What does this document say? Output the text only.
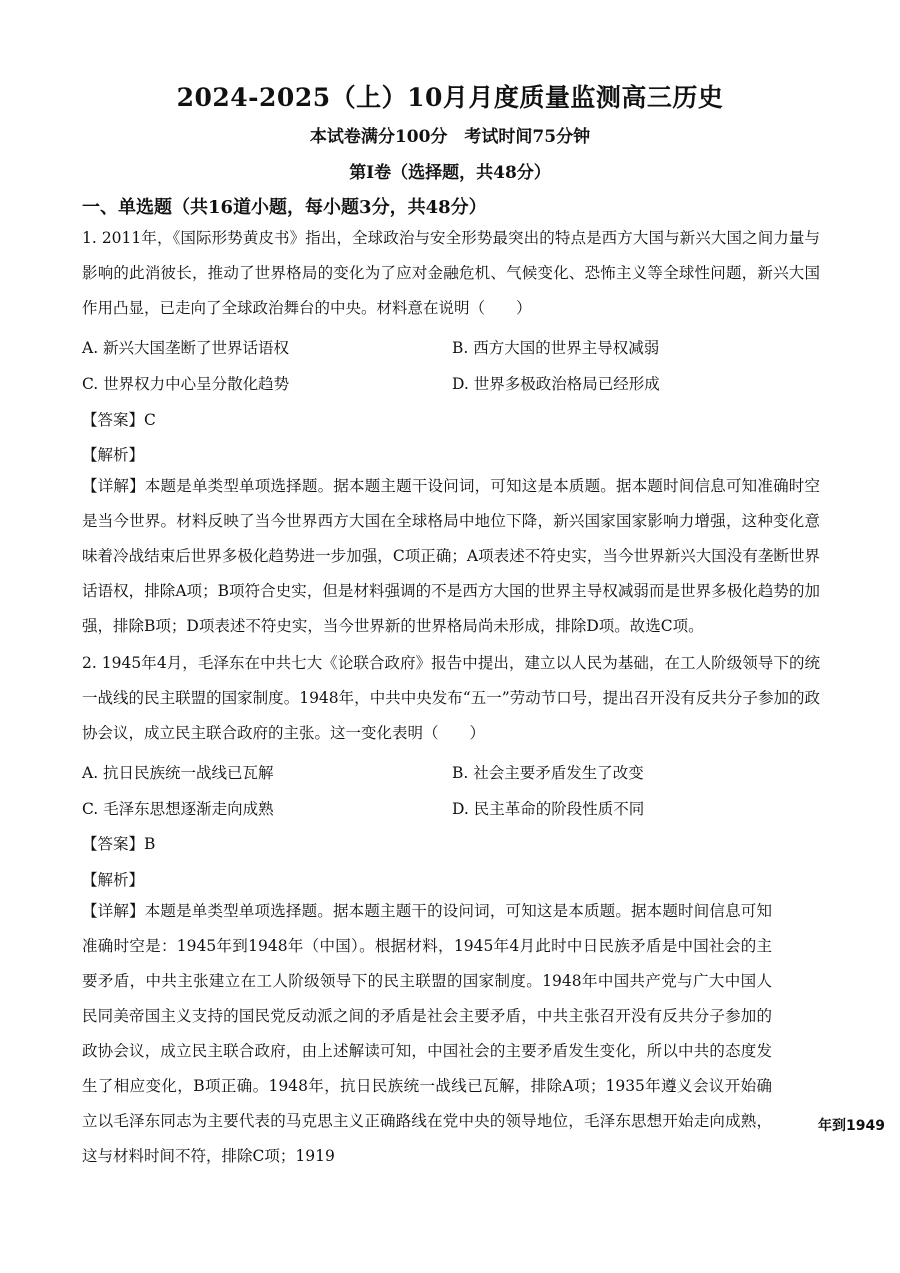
2024-2025（上）10月月度质量监测高三历史
本试卷满分100分　考试时间75分钟
第Ⅰ卷（选择题，共48分）
一、单选题（共16道小题，每小题3分，共48分）
1. 2011年，《国际形势黄皮书》指出，全球政治与安全形势最突出的特点是西方大国与新兴大国之间力量与影响的此消彼长，推动了世界格局的变化为了应对金融危机、气候变化、恐怖主义等全球性问题，新兴大国作用凸显，已走向了全球政治舞台的中央。材料意在说明（　　）
A. 新兴大国垄断了世界话语权	B. 西方大国的世界主导权减弱
C. 世界权力中心呈分散化趋势	D. 世界多极政治格局已经形成
【答案】C
【解析】
【详解】本题是单类型单项选择题。据本题主题干设问词，可知这是本质题。据本题时间信息可知准确时空是当今世界。材料反映了当今世界西方大国在全球格局中地位下降，新兴国家国家影响力增强，这种变化意味着冷战结束后世界多极化趋势进一步加强，C项正确；A项表述不符史实，当今世界新兴大国没有垄断世界话语权，排除A项；B项符合史实，但是材料强调的不是西方大国的世界主导权减弱而是世界多极化趋势的加强，排除B项；D项表述不符史实，当今世界新的世界格局尚未形成，排除D项。故选C项。
2. 1945年4月，毛泽东在中共七大《论联合政府》报告中提出，建立以人民为基础，在工人阶级领导下的统一战线的民主联盟的国家制度。1948年，中共中央发布“五一”劳动节口号，提出召开没有反共分子参加的政协会议，成立民主联合政府的主张。这一变化表明（　　）
A. 抗日民族统一战线已瓦解	B. 社会主要矛盾发生了改变
C. 毛泽东思想逐渐走向成熟	D. 民主革命的阶段性质不同
【答案】B
【解析】
【详解】本题是单类型单项选择题。据本题主题干的设问词，可知这是本质题。据本题时间信息可知准确时空是：1945年到1948年（中国）。根据材料，1945年4月此时中日民族矛盾是中国社会的主要矛盾，中共主张建立在工人阶级领导下的民主联盟的国家制度。1948年中国共产党与广大中国人民同美帝国主义支持的国民党反动派之间的矛盾是社会主要矛盾，中共主张召开没有反共分子参加的政协会议，成立民主联合政府，由上述解读可知，中国社会的主要矛盾发生变化，所以中共的态度发生了相应变化，B项正确。1948年，抗日民族统一战线已瓦解，排除A项；1935年遵义会议开始确立以毛泽东同志为主要代表的马克思主义正确路线在党中央的领导地位，毛泽东思想开始走向成熟，这与材料时间不符，排除C项；1919
年到1949
